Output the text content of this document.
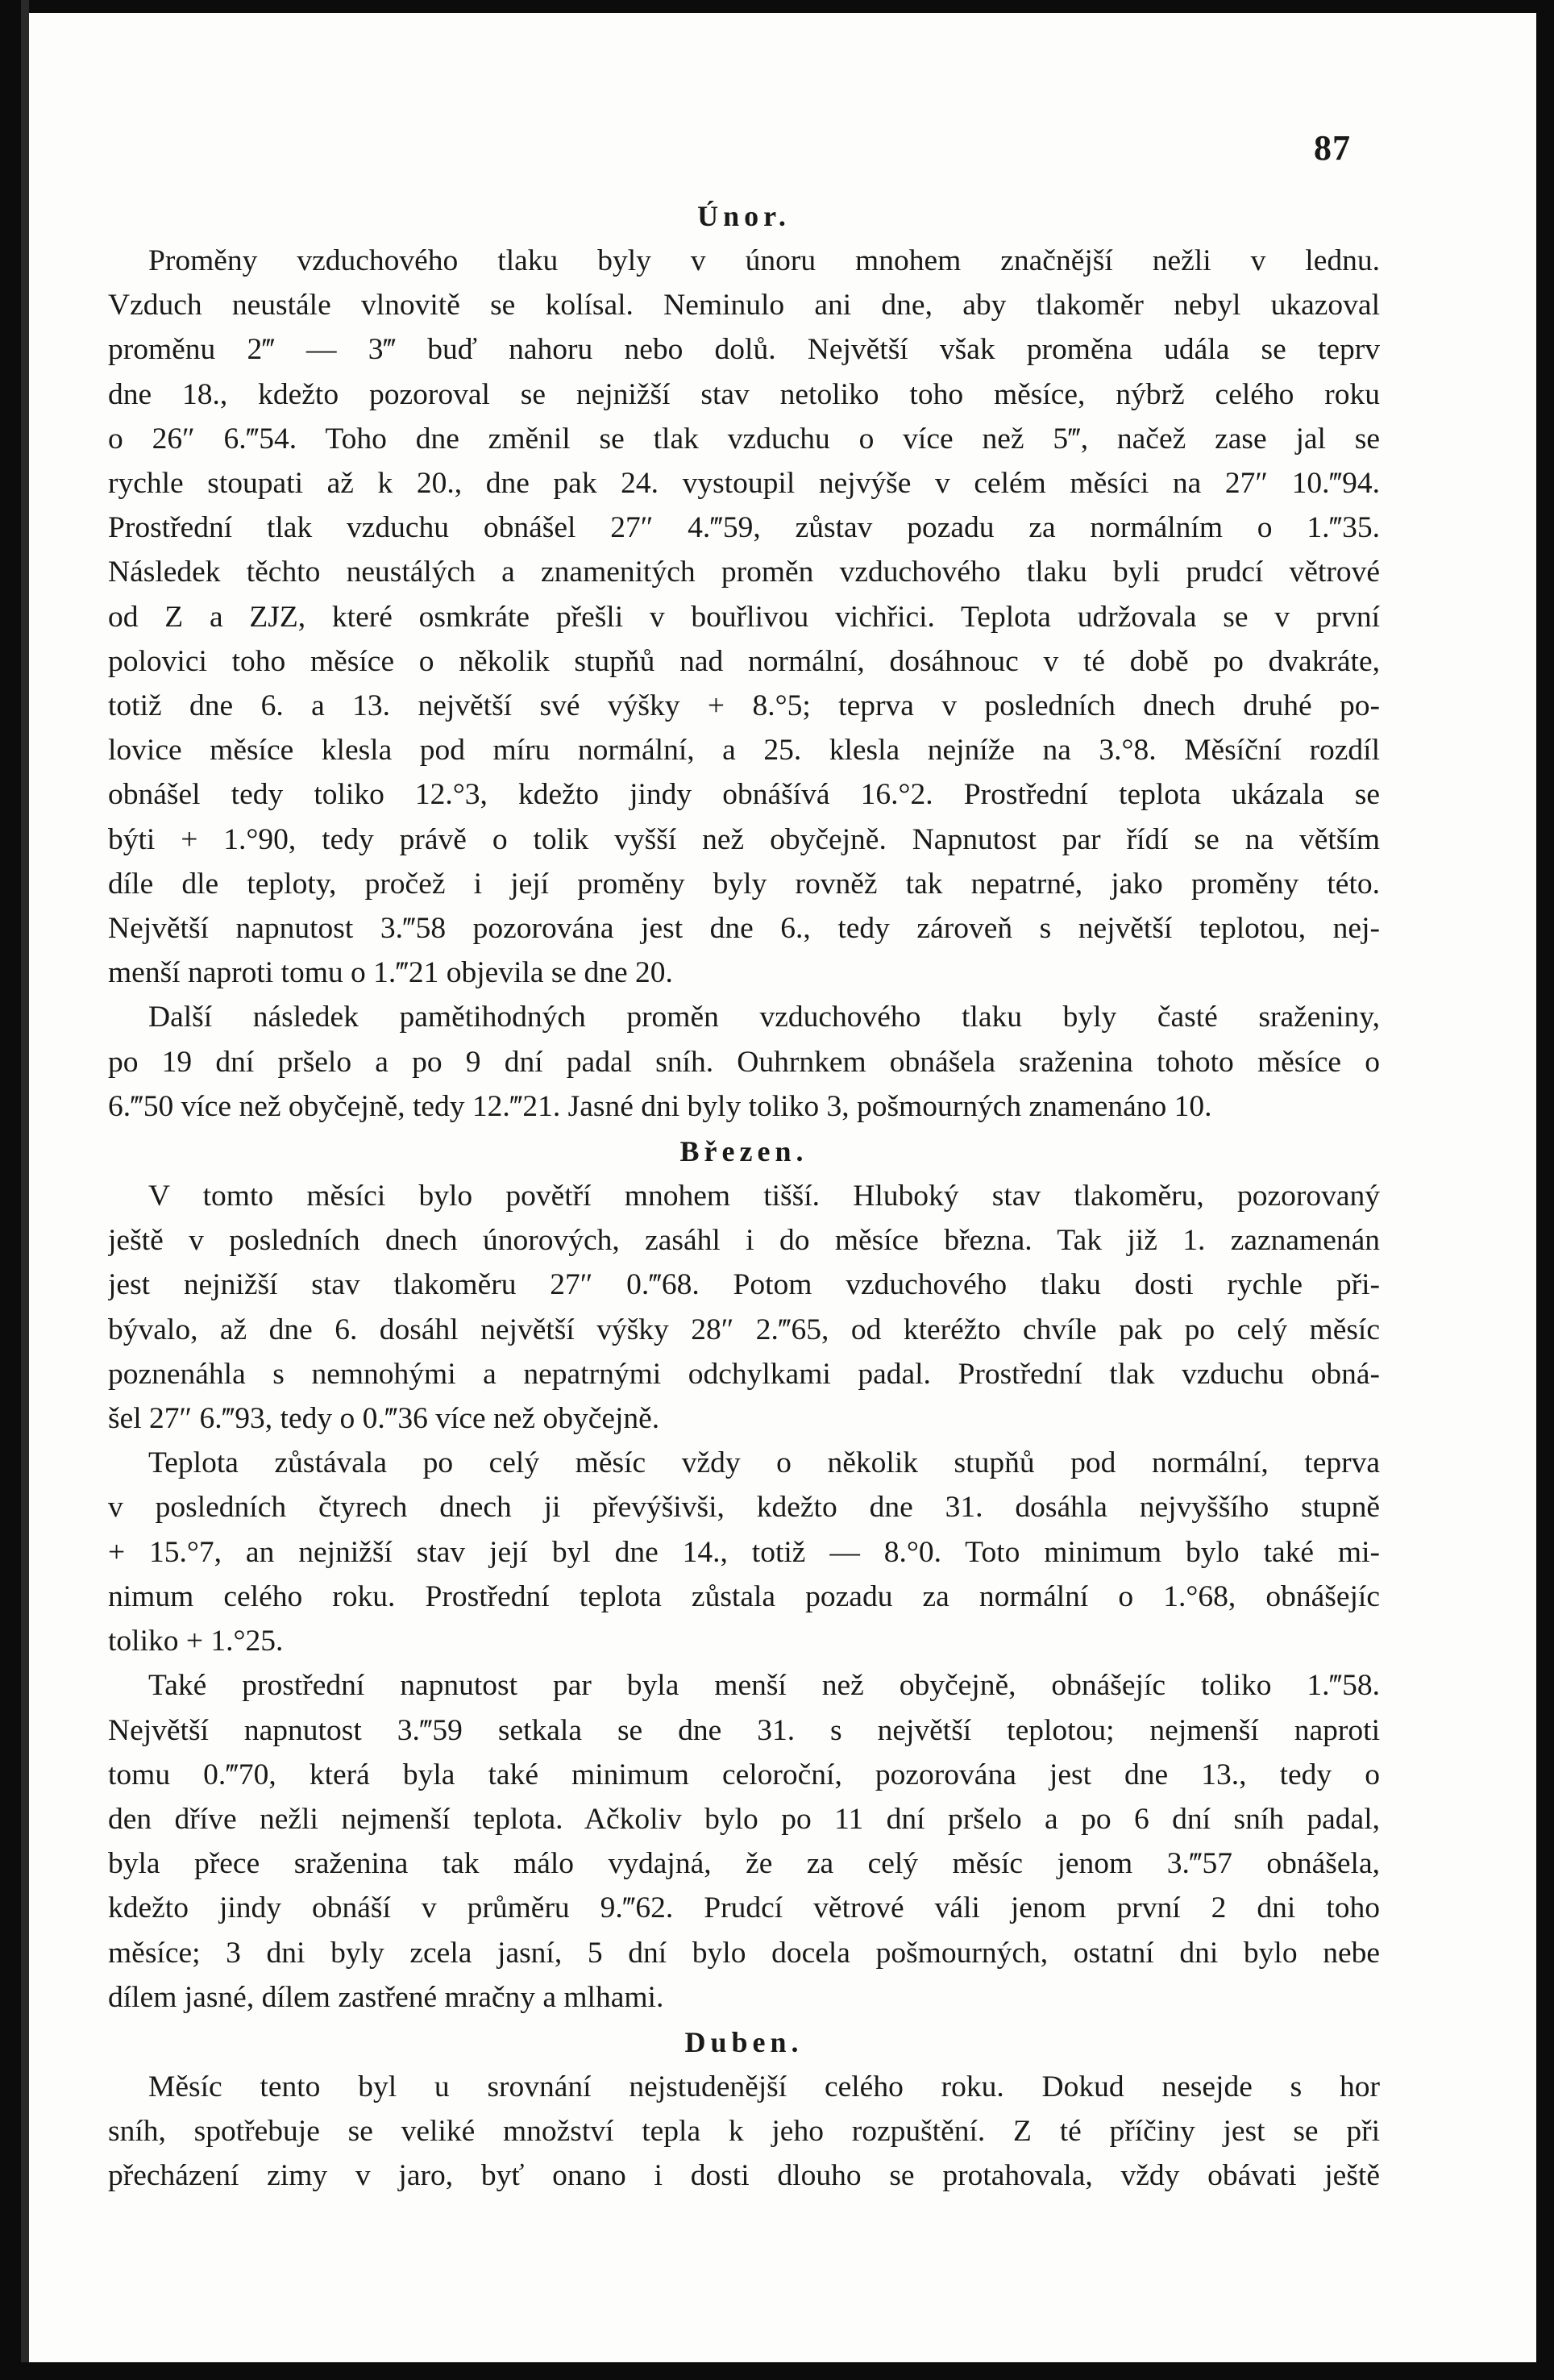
87
Únor.
Proměny vzduchového tlaku byly v únoru mnohem značnější nežli v lednu.
Vzduch neustále vlnovitě se kolísal. Neminulo ani dne, aby tlakoměr nebyl ukazoval
proměnu 2‴ — 3‴ buď nahoru nebo dolů. Největší však proměna udála se teprv
dne 18., kdežto pozoroval se nejnižší stav netoliko toho měsíce, nýbrž celého roku
o 26″ 6.‴54. Toho dne změnil se tlak vzduchu o více než 5‴, načež zase jal se
rychle stoupati až k 20., dne pak 24. vystoupil nejvýše v celém měsíci na 27″ 10.‴94.
Prostřední tlak vzduchu obnášel 27″ 4.‴59, zůstav pozadu za normálním o 1.‴35.
Následek těchto neustálých a znamenitých proměn vzduchového tlaku byli prudcí větrové
od Z a ZJZ, které osmkráte přešli v bouřlivou vichřici. Teplota udržovala se v první
polovici toho měsíce o několik stupňů nad normální, dosáhnouc v té době po dvakráte,
totiž dne 6. a 13. největší své výšky + 8.°5; teprva v posledních dnech druhé po-
lovice měsíce klesla pod míru normální, a 25. klesla nejníže na 3.°8. Měsíční rozdíl
obnášel tedy toliko 12.°3, kdežto jindy obnášívá 16.°2. Prostřední teplota ukázala se
býti + 1.°90, tedy právě o tolik vyšší než obyčejně. Napnutost par řídí se na větším
díle dle teploty, pročež i její proměny byly rovněž tak nepatrné, jako proměny této.
Největší napnutost 3.‴58 pozorována jest dne 6., tedy zároveň s největší teplotou, nej-
menší naproti tomu o 1.‴21 objevila se dne 20.
Další následek pamětihodných proměn vzduchového tlaku byly časté sraženiny,
po 19 dní pršelo a po 9 dní padal sníh. Ouhrnkem obnášela sraženina tohoto měsíce o
6.‴50 více než obyčejně, tedy 12.‴21. Jasné dni byly toliko 3, pošmourných znamenáno 10.
Březen.
V tomto měsíci bylo povětří mnohem tišší. Hluboký stav tlakoměru, pozorovaný
ještě v posledních dnech únorových, zasáhl i do měsíce března. Tak již 1. zaznamenán
jest nejnižší stav tlakoměru 27″ 0.‴68. Potom vzduchového tlaku dosti rychle při-
bývalo, až dne 6. dosáhl největší výšky 28″ 2.‴65, od kteréžto chvíle pak po celý měsíc
poznenáhla s nemnohými a nepatrnými odchylkami padal. Prostřední tlak vzduchu obná-
šel 27″ 6.‴93, tedy o 0.‴36 více než obyčejně.
Teplota zůstávala po celý měsíc vždy o několik stupňů pod normální, teprva
v posledních čtyrech dnech ji převýšivši, kdežto dne 31. dosáhla nejvyššího stupně
+ 15.°7, an nejnižší stav její byl dne 14., totiž — 8.°0. Toto minimum bylo také mi-
nimum celého roku. Prostřední teplota zůstala pozadu za normální o 1.°68, obnášejíc
toliko + 1.°25.
Také prostřední napnutost par byla menší než obyčejně, obnášejíc toliko 1.‴58.
Největší napnutost 3.‴59 setkala se dne 31. s největší teplotou; nejmenší naproti
tomu 0.‴70, která byla také minimum celoroční, pozorována jest dne 13., tedy o
den dříve nežli nejmenší teplota. Ačkoliv bylo po 11 dní pršelo a po 6 dní sníh padal,
byla přece sraženina tak málo vydajná, že za celý měsíc jenom 3.‴57 obnášela,
kdežto jindy obnáší v průměru 9.‴62. Prudcí větrové váli jenom první 2 dni toho
měsíce; 3 dni byly zcela jasní, 5 dní bylo docela pošmourných, ostatní dni bylo nebe
dílem jasné, dílem zastřené mračny a mlhami.
Duben.
Měsíc tento byl u srovnání nejstudenější celého roku. Dokud nesejde s hor
sníh, spotřebuje se veliké množství tepla k jeho rozpuštění. Z té příčiny jest se při
přecházení zimy v jaro, byť onano i dosti dlouho se protahovala, vždy obávati ještě
